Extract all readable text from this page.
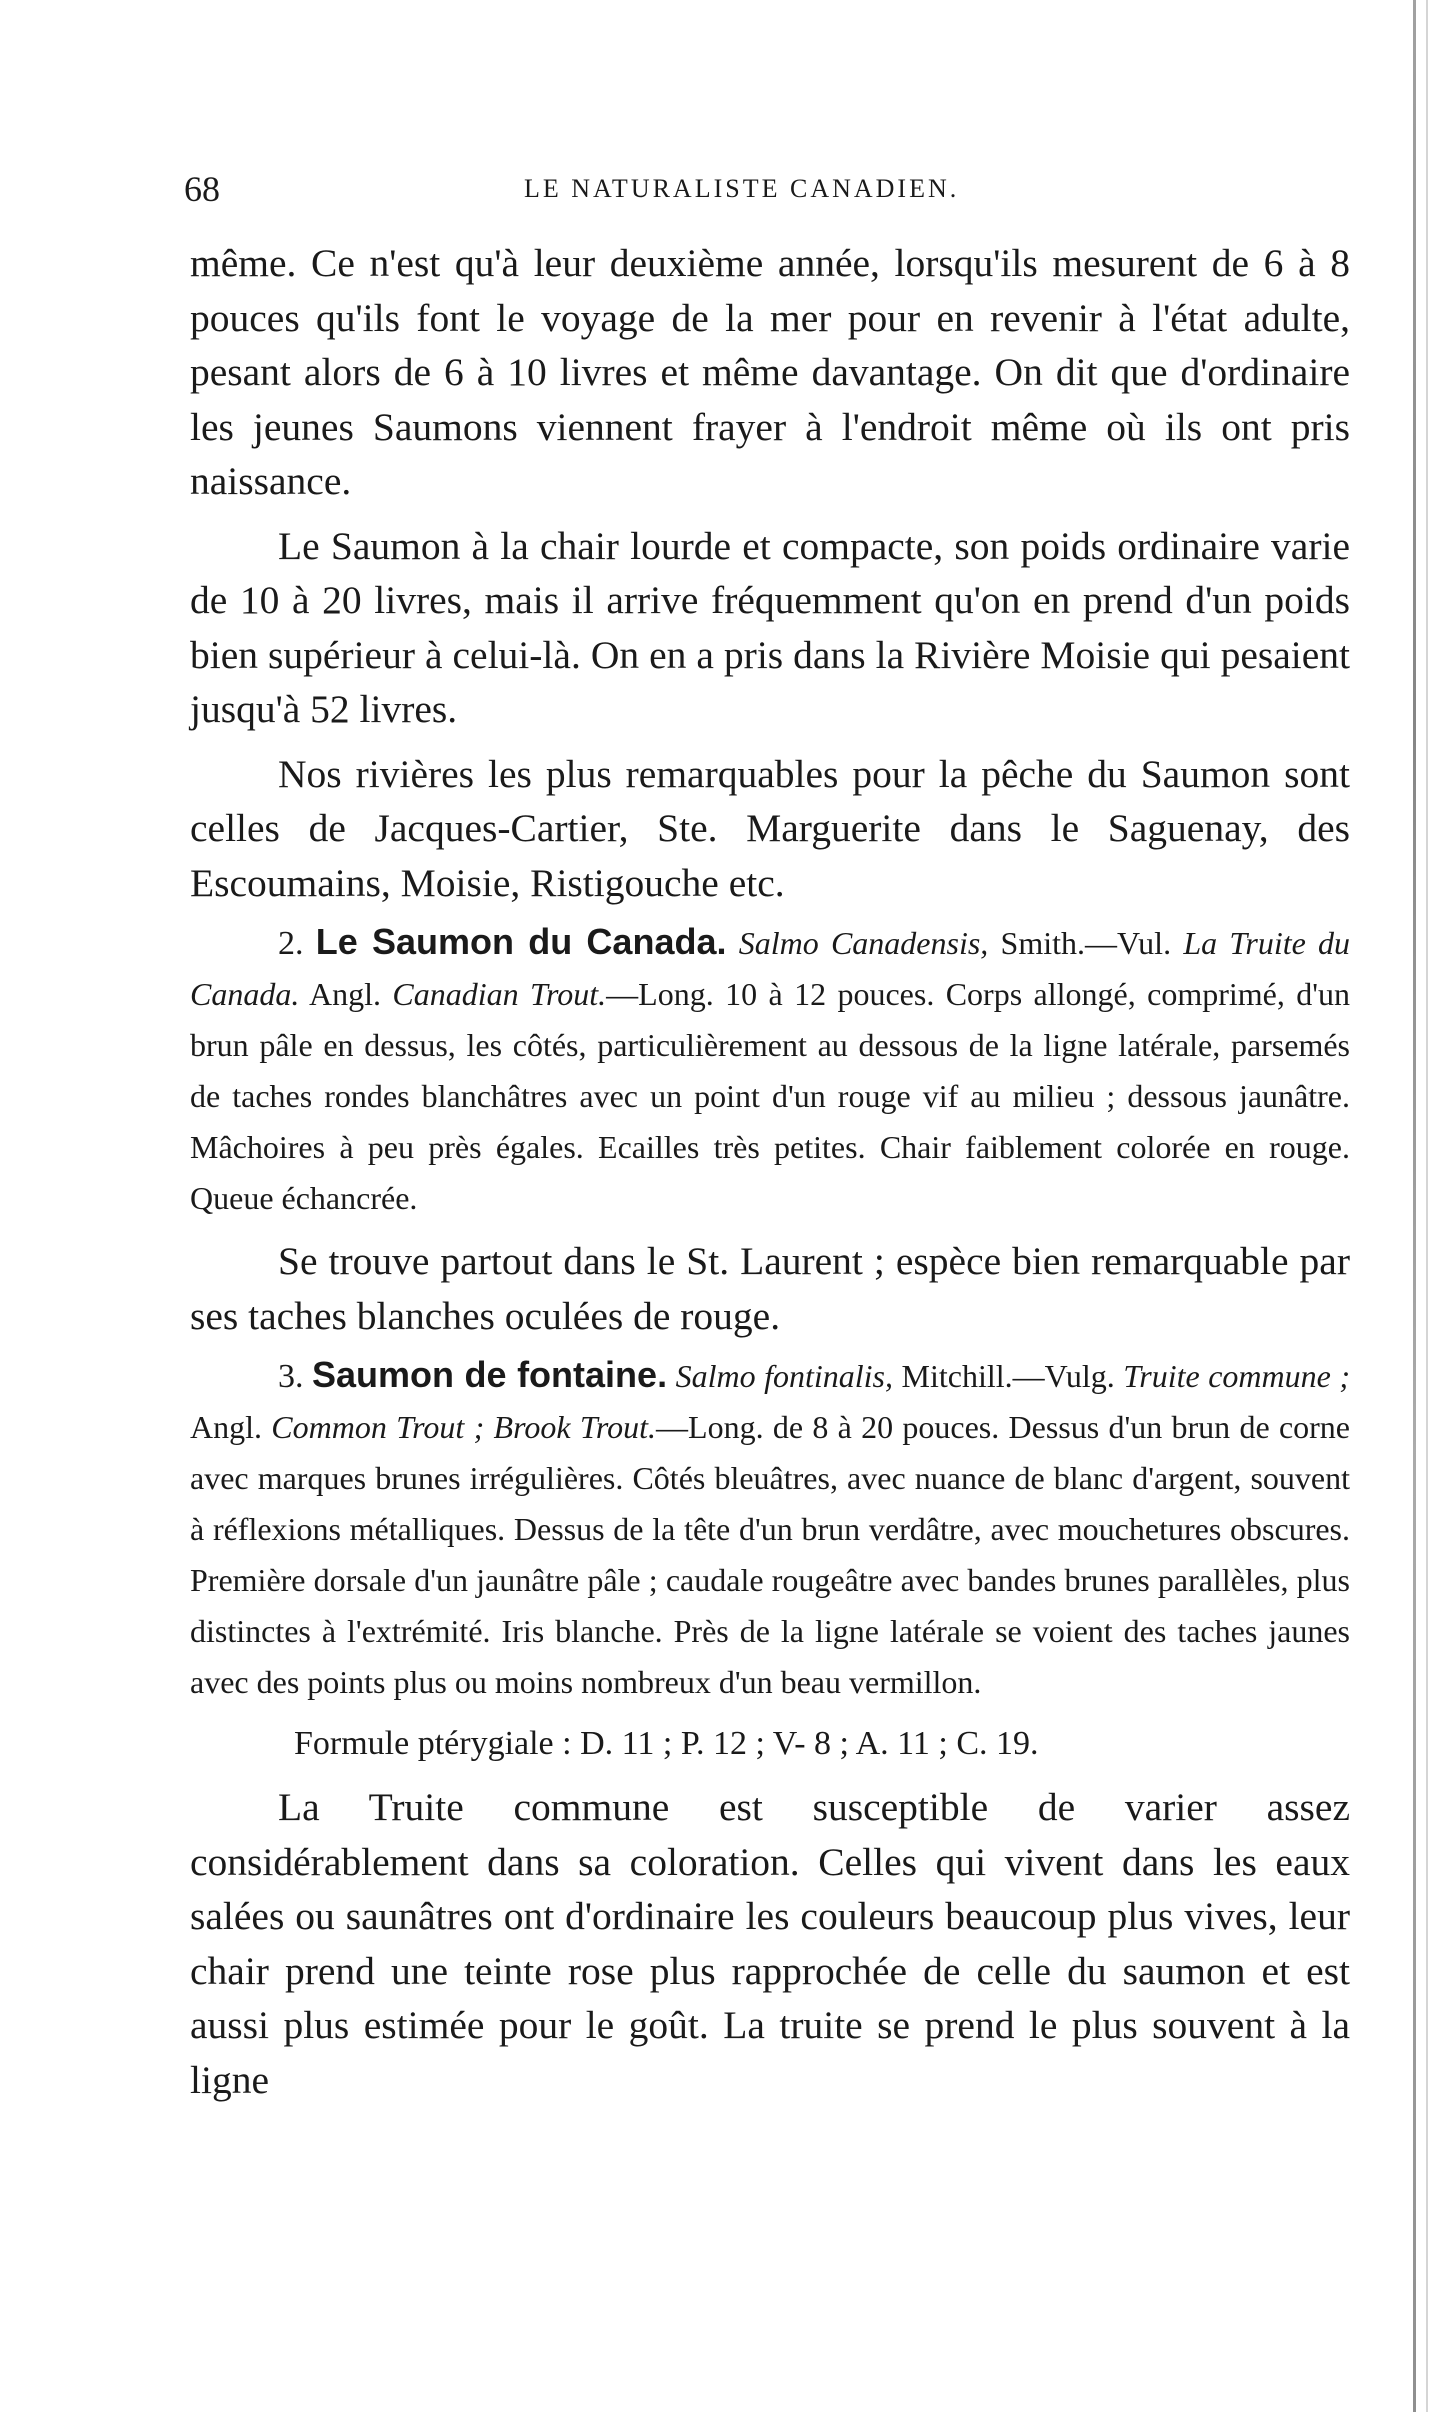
68	LE NATURALISTE CANADIEN.

même. Ce n'est qu'à leur deuxième année, lorsqu'ils mesurent de 6 à 8 pouces qu'ils font le voyage de la mer pour en revenir à l'état adulte, pesant alors de 6 à 10 livres et même davantage. On dit que d'ordinaire les jeunes Saumons viennent frayer à l'endroit même où ils ont pris naissance.

Le Saumon à la chair lourde et compacte, son poids ordinaire varie de 10 à 20 livres, mais il arrive fréquemment qu'on en prend d'un poids bien supérieur à celui-là. On en a pris dans la Rivière Moisie qui pesaient jusqu'à 52 livres.

Nos rivières les plus remarquables pour la pêche du Saumon sont celles de Jacques-Cartier, Ste. Marguerite dans le Saguenay, des Escoumains, Moisie, Ristigouche etc.

2. Le Saumon du Canada. Salmo Canadensis, Smith.—Vul. La Truite du Canada. Angl. Canadian Trout.—Long. 10 à 12 pouces. Corps allongé, comprimé, d'un brun pâle en dessus, les côtés, particulièrement au dessous de la ligne latérale, parsemés de taches rondes blanchâtres avec un point d'un rouge vif au milieu ; dessous jaunâtre. Mâchoires à peu près égales. Ecailles très petites. Chair faiblement colorée en rouge. Queue échancrée.

Se trouve partout dans le St. Laurent ; espèce bien remarquable par ses taches blanches oculées de rouge.

3. Saumon de fontaine. Salmo fontinalis, Mitchill.—Vulg. Truite commune ; Angl. Common Trout ; Brook Trout.—Long. de 8 à 20 pouces. Dessus d'un brun de corne avec marques brunes irrégulières. Côtés bleuâtres, avec nuance de blanc d'argent, souvent à réflexions métalliques. Dessus de la tête d'un brun verdâtre, avec mouchetures obscures. Première dorsale d'un jaunâtre pâle ; caudale rougeâtre avec bandes brunes parallèles, plus distinctes à l'extrémité. Iris blanche. Près de la ligne latérale se voient des taches jaunes avec des points plus ou moins nombreux d'un beau vermillon.

Formule ptérygiale : D. 11 ; P. 12 ; V- 8 ; A. 11 ; C. 19.

La Truite commune est susceptible de varier assez considérablement dans sa coloration. Celles qui vivent dans les eaux salées ou saunâtres ont d'ordinaire les couleurs beaucoup plus vives, leur chair prend une teinte rose plus rapprochée de celle du saumon et est aussi plus estimée pour le goût. La truite se prend le plus souvent à la ligne
